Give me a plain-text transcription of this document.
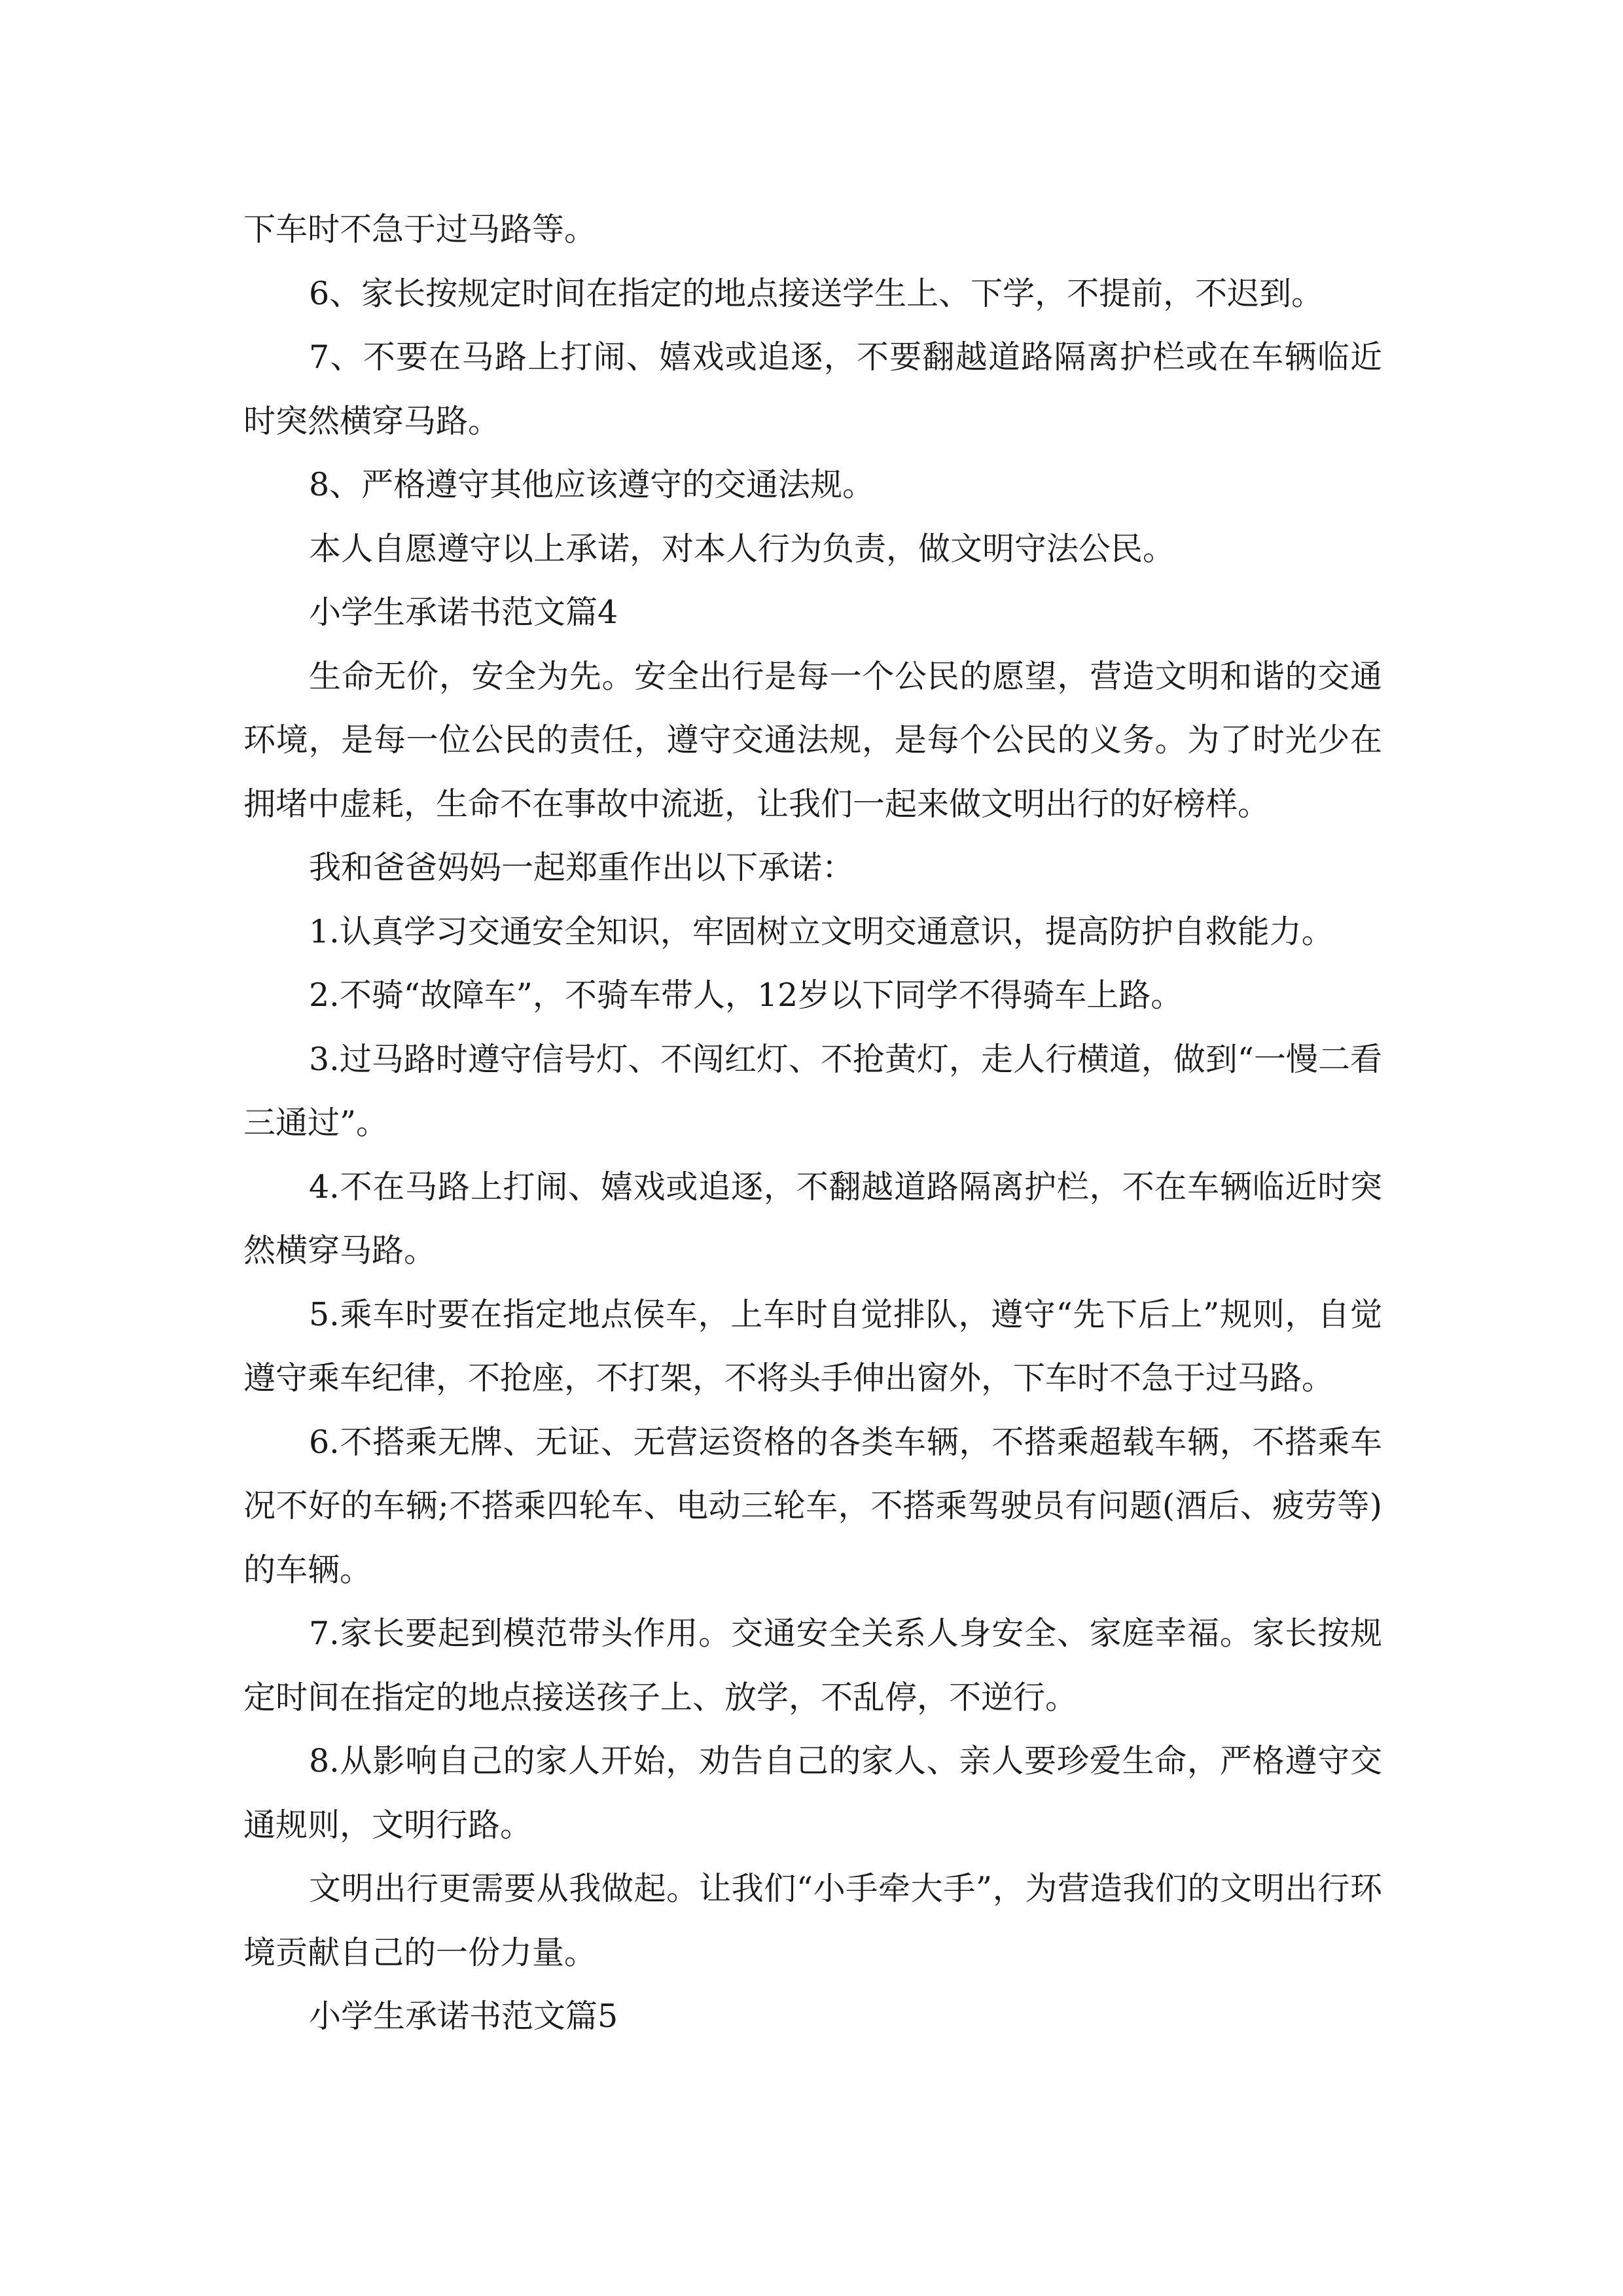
下车时不急于过马路等。

6、家长按规定时间在指定的地点接送学生上、下学，不提前，不迟到。

7、不要在马路上打闹、嬉戏或追逐，不要翻越道路隔离护栏或在车辆临近时突然横穿马路。

8、严格遵守其他应该遵守的交通法规。

本人自愿遵守以上承诺，对本人行为负责，做文明守法公民。

小学生承诺书范文篇4

生命无价，安全为先。安全出行是每一个公民的愿望，营造文明和谐的交通环境，是每一位公民的责任，遵守交通法规，是每个公民的义务。为了时光少在拥堵中虚耗，生命不在事故中流逝，让我们一起来做文明出行的好榜样。

我和爸爸妈妈一起郑重作出以下承诺：

1.认真学习交通安全知识，牢固树立文明交通意识，提高防护自救能力。

2.不骑“故障车”，不骑车带人，12岁以下同学不得骑车上路。

3.过马路时遵守信号灯、不闯红灯、不抢黄灯，走人行横道，做到“一慢二看三通过”。

4.不在马路上打闹、嬉戏或追逐，不翻越道路隔离护栏，不在车辆临近时突然横穿马路。

5.乘车时要在指定地点侯车，上车时自觉排队，遵守“先下后上”规则，自觉遵守乘车纪律，不抢座，不打架，不将头手伸出窗外，下车时不急于过马路。

6.不搭乘无牌、无证、无营运资格的各类车辆，不搭乘超载车辆，不搭乘车况不好的车辆;不搭乘四轮车、电动三轮车，不搭乘驾驶员有问题(酒后、疲劳等)的车辆。

7.家长要起到模范带头作用。交通安全关系人身安全、家庭幸福。家长按规定时间在指定的地点接送孩子上、放学，不乱停，不逆行。

8.从影响自己的家人开始，劝告自己的家人、亲人要珍爱生命，严格遵守交通规则，文明行路。

文明出行更需要从我做起。让我们“小手牵大手”，为营造我们的文明出行环境贡献自己的一份力量。

小学生承诺书范文篇5
